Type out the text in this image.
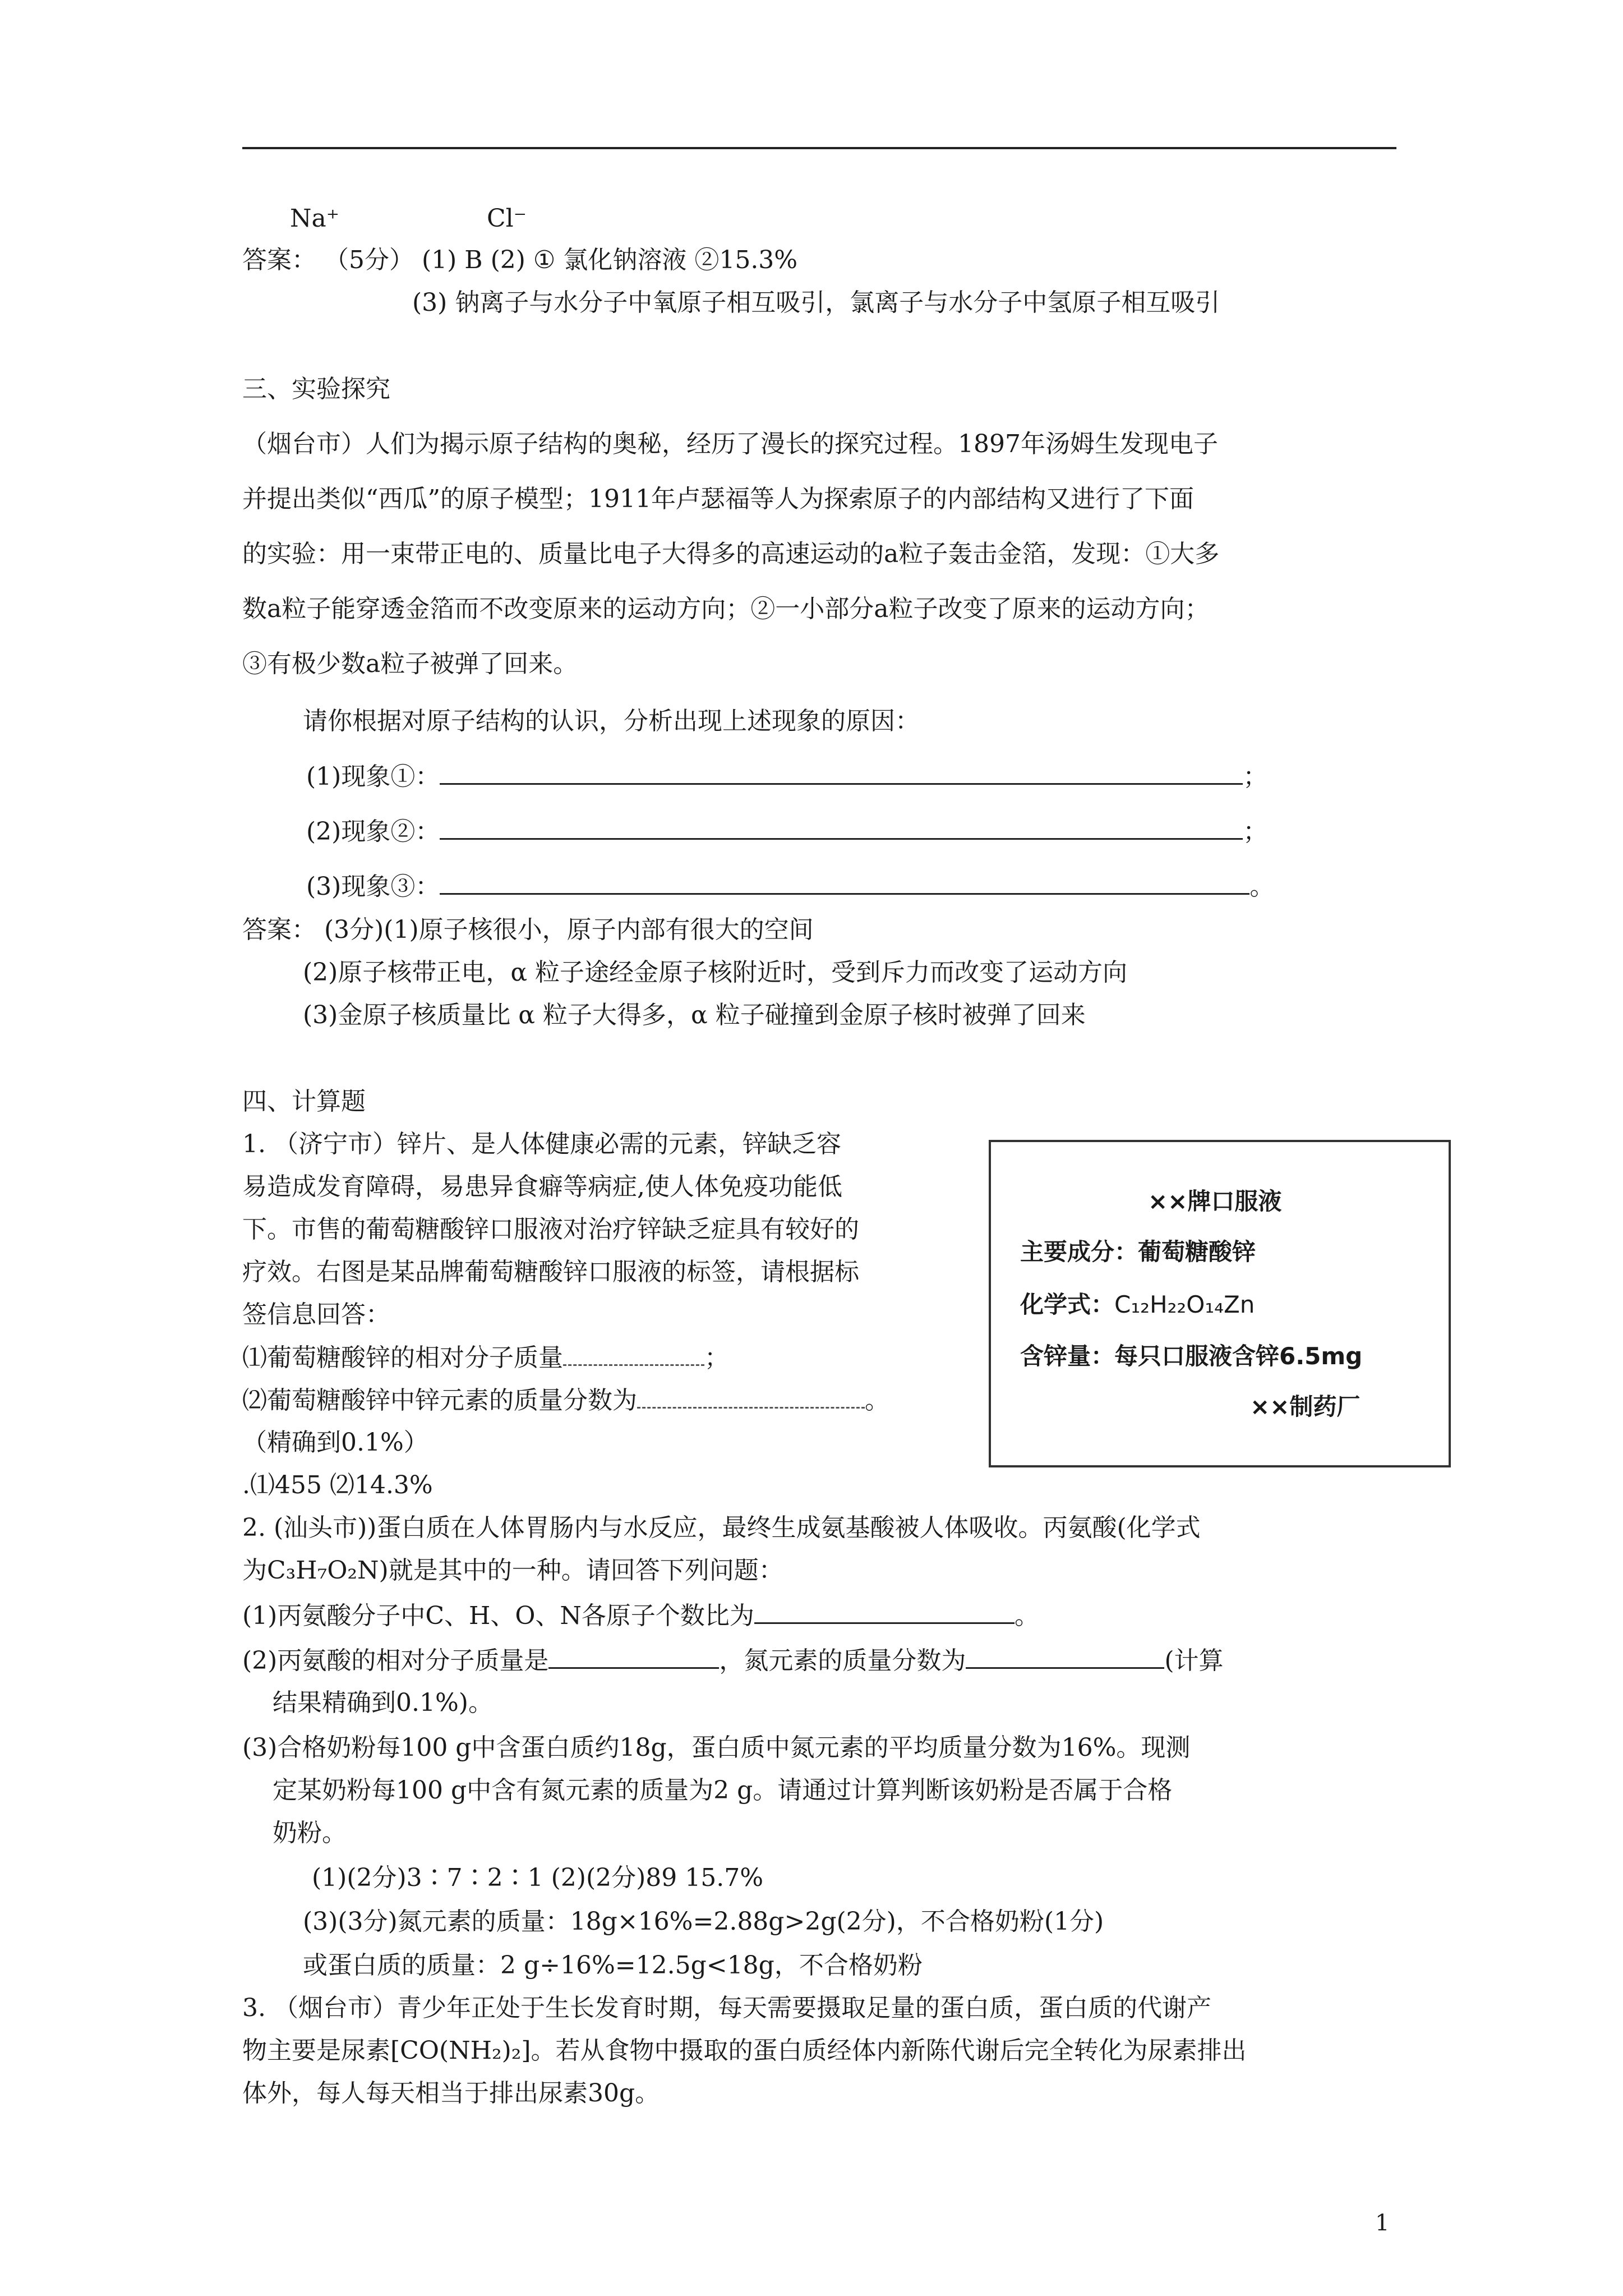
Na⁺	Cl⁻
答案： （5分） (1) B (2) ① 氯化钠溶液 ②15.3%
(3) 钠离子与水分子中氧原子相互吸引，氯离子与水分子中氢原子相互吸引
三、实验探究
（烟台市）人们为揭示原子结构的奥秘，经历了漫长的探究过程。1897年汤姆生发现电子
并提出类似“西瓜”的原子模型；1911年卢瑟福等人为探索原子的内部结构又进行了下面
的实验：用一束带正电的、质量比电子大得多的高速运动的a粒子轰击金箔，发现：①大多
数a粒子能穿透金箔而不改变原来的运动方向；②一小部分a粒子改变了原来的运动方向；
③有极少数a粒子被弹了回来。
请你根据对原子结构的认识，分析出现上述现象的原因：
(1)现象①：	；
(2)现象②：	；
(3)现象③：	。
答案： (3分)(1)原子核很小，原子内部有很大的空间
(2)原子核带正电，α 粒子途经金原子核附近时，受到斥力而改变了运动方向
(3)金原子核质量比 α 粒子大得多，α 粒子碰撞到金原子核时被弹了回来
四、计算题
1. （济宁市）锌片、是人体健康必需的元素，锌缺乏容
易造成发育障碍，易患异食癖等病症,使人体免疫功能低
下。市售的葡萄糖酸锌口服液对治疗锌缺乏症具有较好的
疗效。右图是某品牌葡萄糖酸锌口服液的标签，请根据标
签信息回答：
⑴葡萄糖酸锌的相对分子质量	；
⑵葡萄糖酸锌中锌元素的质量分数为	。
（精确到0.1%）
.⑴455 ⑵14.3%
××牌口服液
主要成分：葡萄糖酸锌
化学式：C₁₂H₂₂O₁₄Zn
含锌量：每只口服液含锌6.5mg
××制药厂
2. (汕头市))蛋白质在人体胃肠内与水反应，最终生成氨基酸被人体吸收。丙氨酸(化学式
为C₃H₇O₂N)就是其中的一种。请回答下列问题：
(1)丙氨酸分子中C、H、O、N各原子个数比为	。
(2)丙氨酸的相对分子质量是	，氮元素的质量分数为	(计算
结果精确到0.1%)。
(3)合格奶粉每100 g中含蛋白质约18g，蛋白质中氮元素的平均质量分数为16%。现测
定某奶粉每100 g中含有氮元素的质量为2 g。请通过计算判断该奶粉是否属于合格
奶粉。
(1)(2分)3∶7∶2∶1 (2)(2分)89 15.7%
(3)(3分)氮元素的质量：18g×16%=2.88g>2g(2分)，不合格奶粉(1分)
或蛋白质的质量：2 g÷16%=12.5g<18g，不合格奶粉
3. （烟台市）青少年正处于生长发育时期，每天需要摄取足量的蛋白质，蛋白质的代谢产
物主要是尿素[CO(NH₂)₂]。若从食物中摄取的蛋白质经体内新陈代谢后完全转化为尿素排出
体外，每人每天相当于排出尿素30g。
1
